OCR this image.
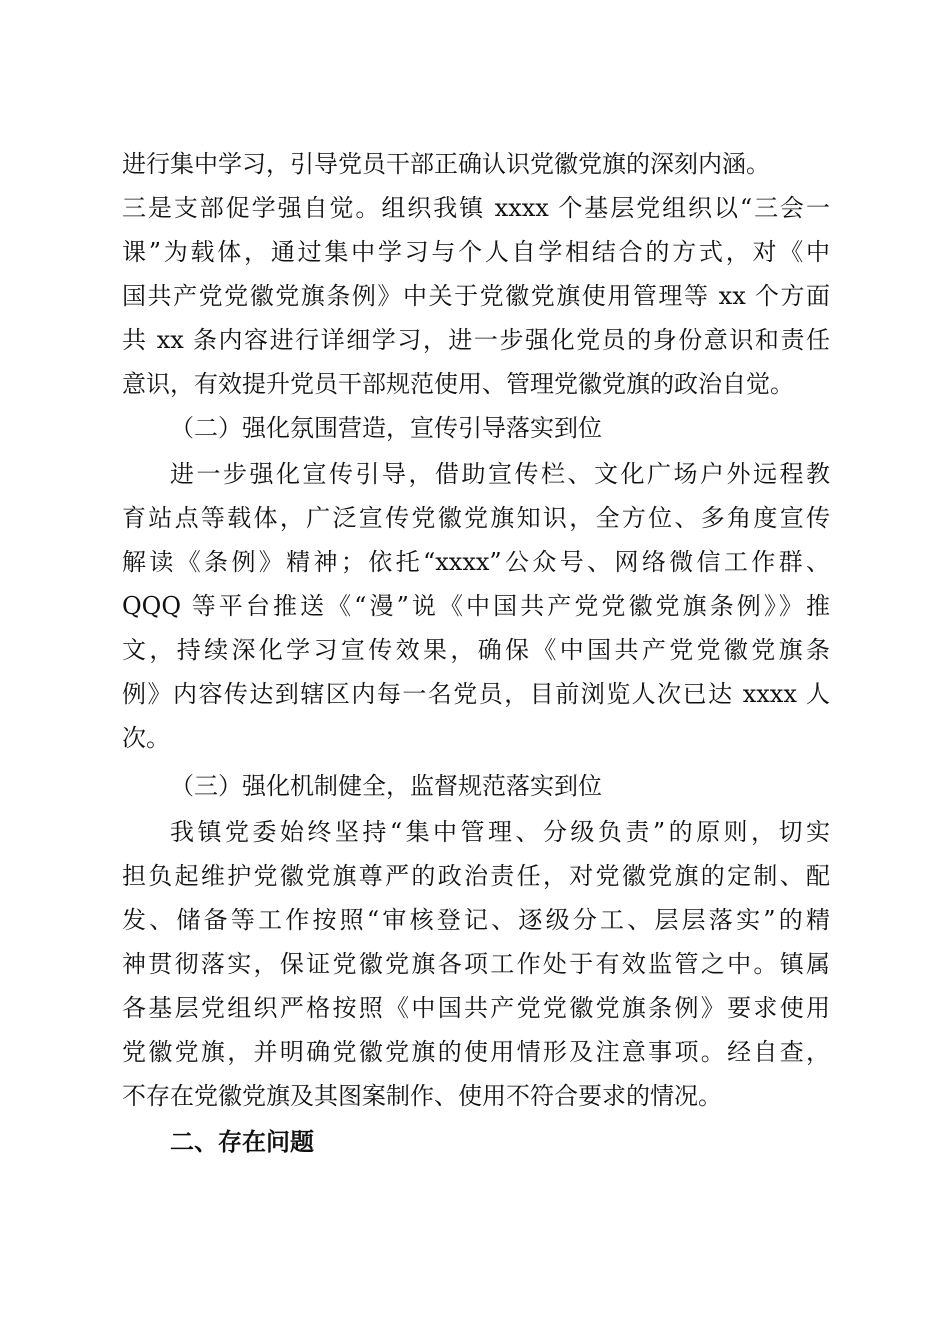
进行集中学习，引导党员干部正确认识党徽党旗的深刻内涵。
三是支部促学强自觉。组织我镇 xxxx 个基层党组织以“三会一
课”为载体，通过集中学习与个人自学相结合的方式，对《中
国共产党党徽党旗条例》中关于党徽党旗使用管理等 xx 个方面
共 xx 条内容进行详细学习，进一步强化党员的身份意识和责任
意识，有效提升党员干部规范使用、管理党徽党旗的政治自觉。
（二）强化氛围营造，宣传引导落实到位
进一步强化宣传引导，借助宣传栏、文化广场户外远程教
育站点等载体，广泛宣传党徽党旗知识，全方位、多角度宣传
解读《条例》精神；依托“xxxx”公众号、网络微信工作群、
QQQ 等平台推送《“漫”说《中国共产党党徽党旗条例》》推
文，持续深化学习宣传效果，确保《中国共产党党徽党旗条
例》内容传达到辖区内每一名党员，目前浏览人次已达 xxxx 人
次。
（三）强化机制健全，监督规范落实到位
我镇党委始终坚持“集中管理、分级负责”的原则，切实
担负起维护党徽党旗尊严的政治责任，对党徽党旗的定制、配
发、储备等工作按照“审核登记、逐级分工、层层落实”的精
神贯彻落实，保证党徽党旗各项工作处于有效监管之中。镇属
各基层党组织严格按照《中国共产党党徽党旗条例》要求使用
党徽党旗，并明确党徽党旗的使用情形及注意事项。经自查，
不存在党徽党旗及其图案制作、使用不符合要求的情况。
二、存在问题
